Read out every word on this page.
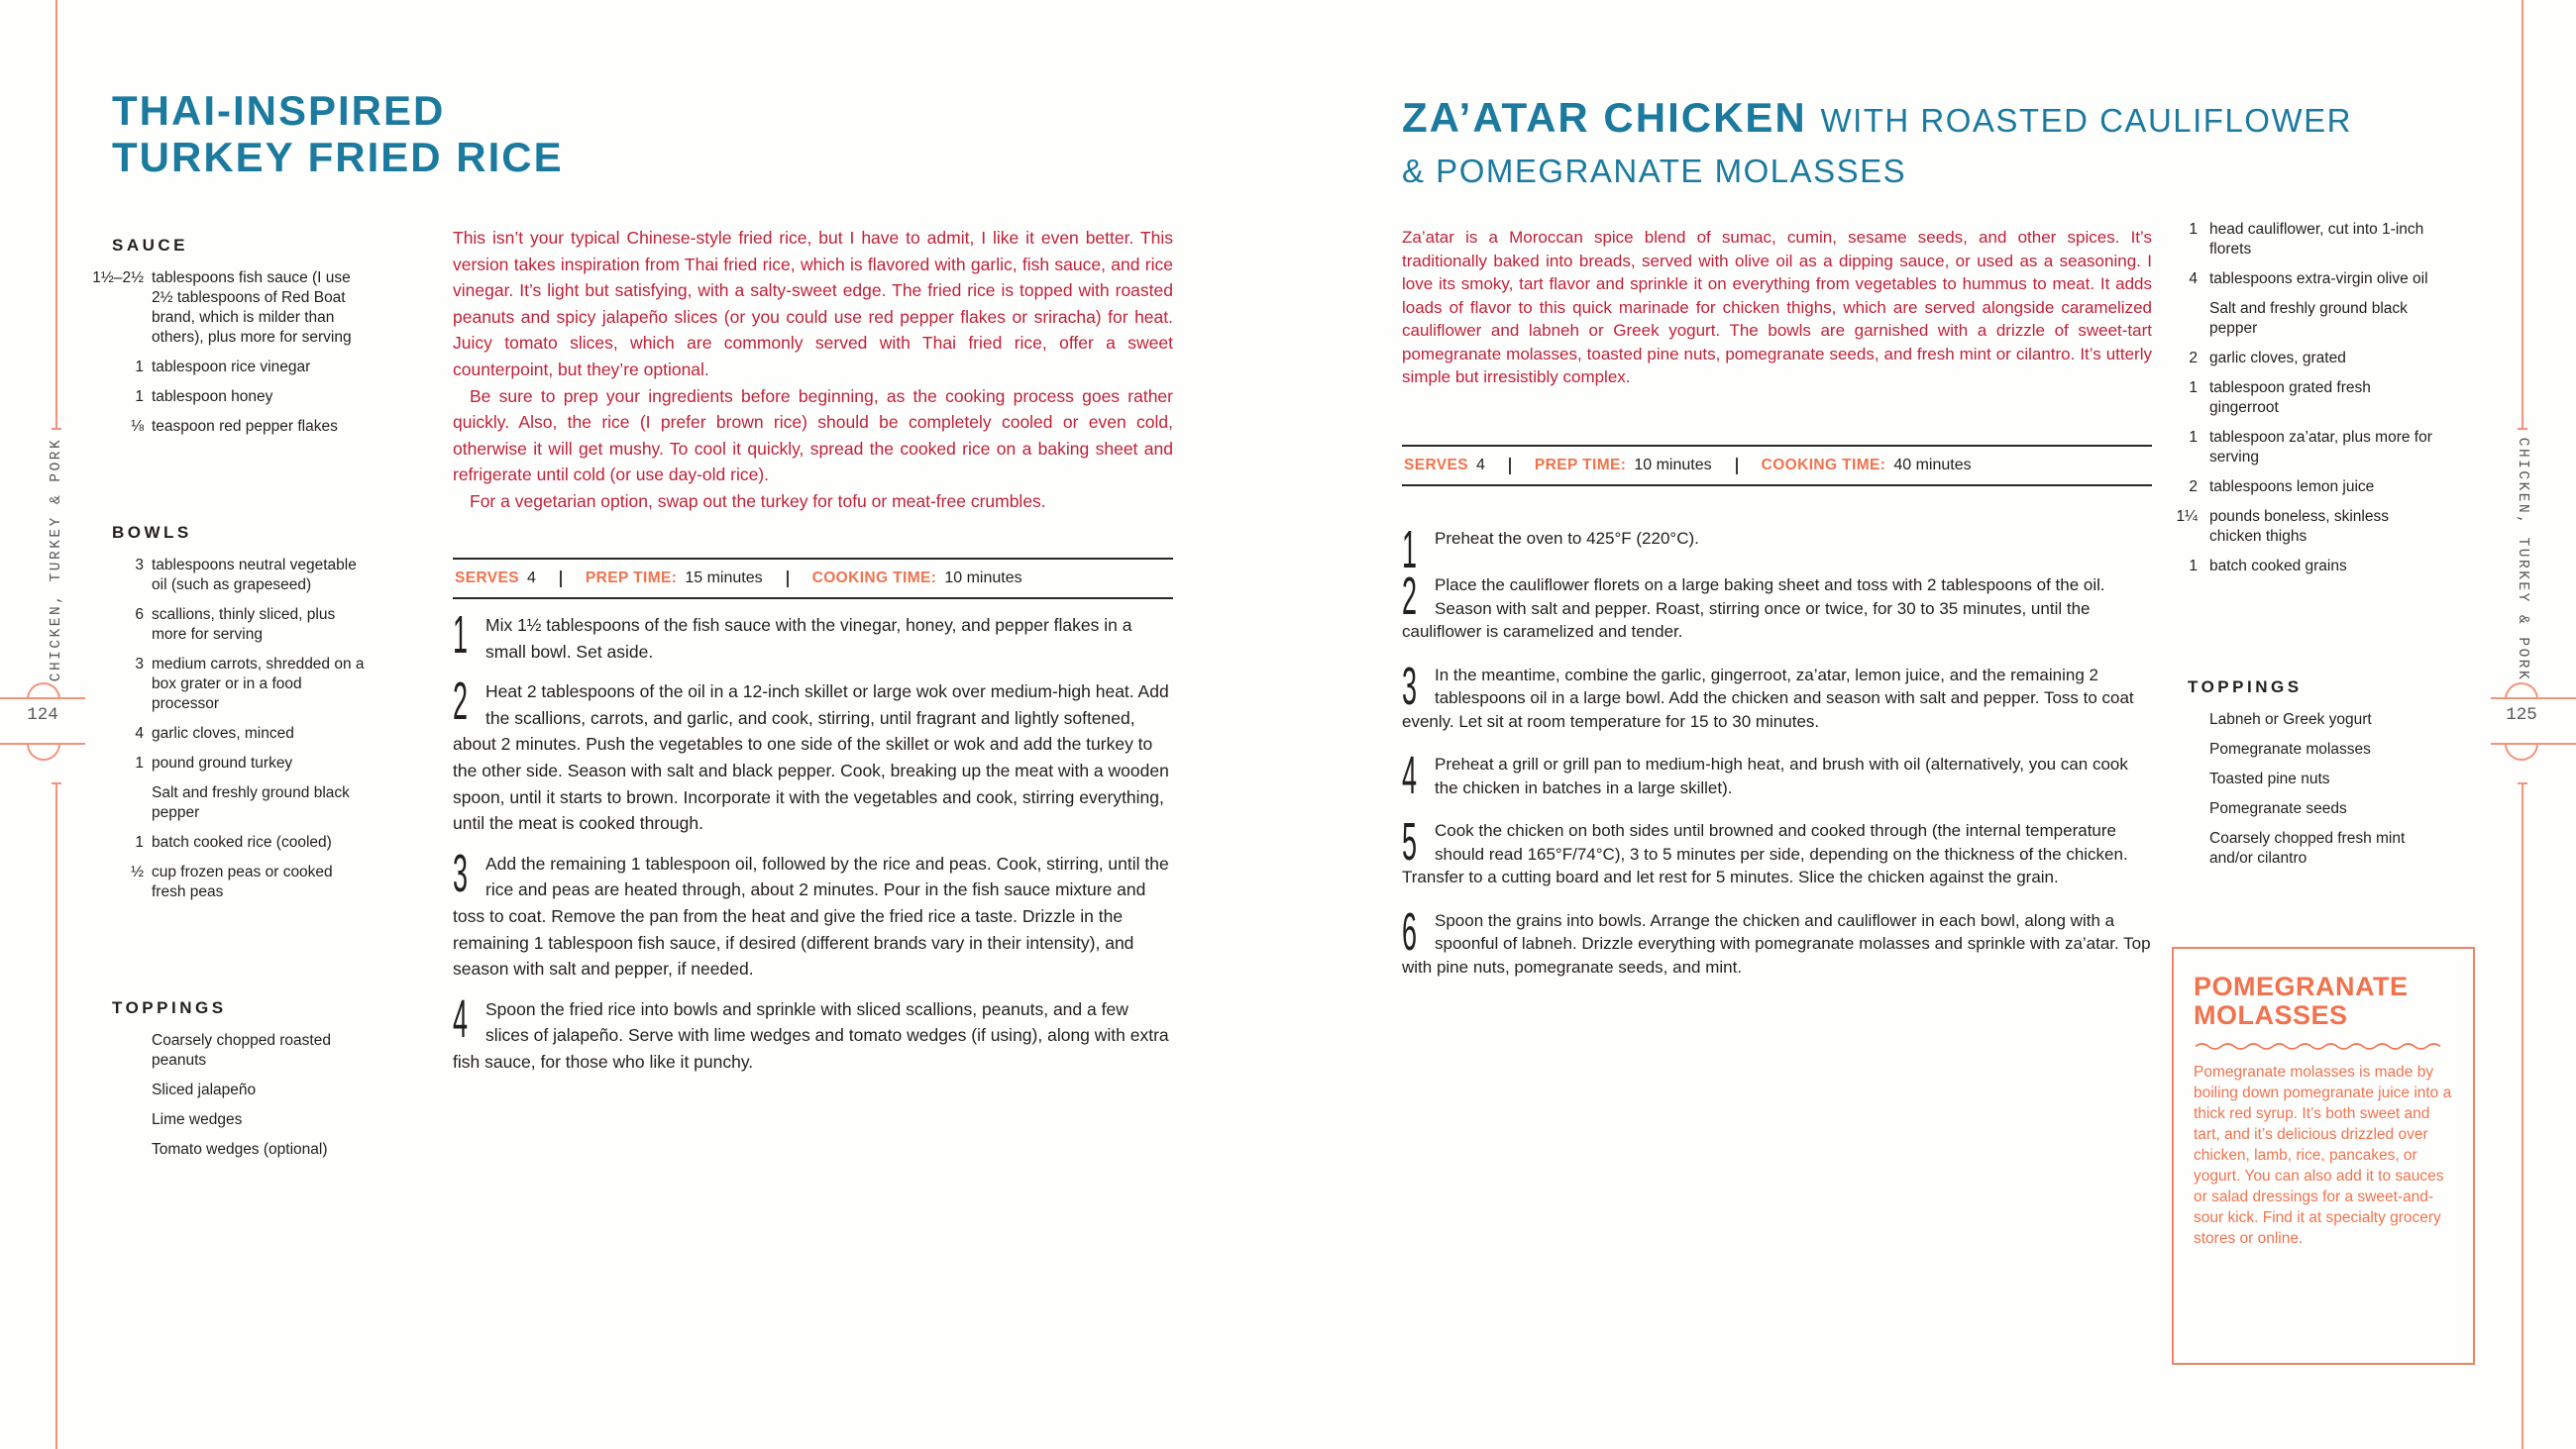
CHICKEN, TURKEY & PORK
124
THAI-INSPIRED
TURKEY FRIED RICE
SAUCE
1½–2½ tablespoons fish sauce (I use 2½ tablespoons of Red Boat brand, which is milder than others), plus more for serving
1 tablespoon rice vinegar
1 tablespoon honey
⅛ teaspoon red pepper flakes
BOWLS
3 tablespoons neutral vegetable oil (such as grapeseed)
6 scallions, thinly sliced, plus more for serving
3 medium carrots, shredded on a box grater or in a food processor
4 garlic cloves, minced
1 pound ground turkey
Salt and freshly ground black pepper
1 batch cooked rice (cooled)
½ cup frozen peas or cooked fresh peas
TOPPINGS
Coarsely chopped roasted peanuts
Sliced jalapeño
Lime wedges
Tomato wedges (optional)

This isn’t your typical Chinese-style fried rice, but I have to admit, I like it even better. This version takes inspiration from Thai fried rice, which is flavored with garlic, fish sauce, and rice vinegar. It’s light but satisfying, with a salty-sweet edge. The fried rice is topped with roasted peanuts and spicy jalapeño slices (or you could use red pepper flakes or sriracha) for heat. Juicy tomato slices, which are commonly served with Thai fried rice, offer a sweet counterpoint, but they’re optional.

Be sure to prep your ingredients before beginning, as the cooking process goes rather quickly. Also, the rice (I prefer brown rice) should be completely cooled or even cold, otherwise it will get mushy. To cool it quickly, spread the cooked rice on a baking sheet and refrigerate until cold (or use day-old rice).

For a vegetarian option, swap out the turkey for tofu or meat-free crumbles.

SERVES 4	PREP TIME: 15 minutes	COOKING TIME: 10 minutes
1 Mix 1½ tablespoons of the fish sauce with the vinegar, honey, and pepper flakes in a small bowl. Set aside.
2 Heat 2 tablespoons of the oil in a 12-inch skillet or large wok over medium-high heat. Add the scallions, carrots, and garlic, and cook, stirring, until fragrant and lightly softened, about 2 minutes. Push the vegetables to one side of the skillet or wok and add the turkey to the other side. Season with salt and black pepper. Cook, breaking up the meat with a wooden spoon, until it starts to brown. Incorporate it with the vegetables and cook, stirring everything, until the meat is cooked through.
3 Add the remaining 1 tablespoon oil, followed by the rice and peas. Cook, stirring, until the rice and peas are heated through, about 2 minutes. Pour in the fish sauce mixture and toss to coat. Remove the pan from the heat and give the fried rice a taste. Drizzle in the remaining 1 tablespoon fish sauce, if desired (different brands vary in their intensity), and season with salt and pepper, if needed.
4 Spoon the fried rice into bowls and sprinkle with sliced scallions, peanuts, and a few slices of jalapeño. Serve with lime wedges and tomato wedges (if using), along with extra fish sauce, for those who like it punchy.
CHICKEN, TURKEY & PORK
125
ZA’ATAR CHICKEN WITH ROASTED CAULIFLOWER
& POMEGRANATE MOLASSES

Za’atar is a Moroccan spice blend of sumac, cumin, sesame seeds, and other spices. It’s traditionally baked into breads, served with olive oil as a dipping sauce, or used as a seasoning. I love its smoky, tart flavor and sprinkle it on everything from vegetables to hummus to meat. It adds loads of flavor to this quick marinade for chicken thighs, which are served alongside caramelized cauliflower and labneh or Greek yogurt. The bowls are garnished with a drizzle of sweet-tart pomegranate molasses, toasted pine nuts, pomegranate seeds, and fresh mint or cilantro. It’s utterly simple but irresistibly complex.

SERVES 4	PREP TIME: 10 minutes	COOKING TIME: 40 minutes
1 Preheat the oven to 425°F (220°C).
2 Place the cauliflower florets on a large baking sheet and toss with 2 tablespoons of the oil. Season with salt and pepper. Roast, stirring once or twice, for 30 to 35 minutes, until the cauliflower is caramelized and tender.
3 In the meantime, combine the garlic, gingerroot, za’atar, lemon juice, and the remaining 2 tablespoons oil in a large bowl. Add the chicken and season with salt and pepper. Toss to coat evenly. Let sit at room temperature for 15 to 30 minutes.
4 Preheat a grill or grill pan to medium-high heat, and brush with oil (alternatively, you can cook the chicken in batches in a large skillet).
5 Cook the chicken on both sides until browned and cooked through (the internal temperature should read 165°F/74°C), 3 to 5 minutes per side, depending on the thickness of the chicken. Transfer to a cutting board and let rest for 5 minutes. Slice the chicken against the grain.
6 Spoon the grains into bowls. Arrange the chicken and cauliflower in each bowl, along with a spoonful of labneh. Drizzle everything with pomegranate molasses and sprinkle with za’atar. Top with pine nuts, pomegranate seeds, and mint.
1 head cauliflower, cut into 1-inch florets
4 tablespoons extra-virgin olive oil
Salt and freshly ground black pepper
2 garlic cloves, grated
1 tablespoon grated fresh gingerroot
1 tablespoon za’atar, plus more for serving
2 tablespoons lemon juice
1¼ pounds boneless, skinless chicken thighs
1 batch cooked grains
TOPPINGS
Labneh or Greek yogurt
Pomegranate molasses
Toasted pine nuts
Pomegranate seeds
Coarsely chopped fresh mint and/or cilantro
POMEGRANATE MOLASSES

Pomegranate molasses is made by boiling down pomegranate juice into a thick red syrup. It’s both sweet and tart, and it’s delicious drizzled over chicken, lamb, rice, pancakes, or yogurt. You can also add it to sauces or salad dressings for a sweet-and-sour kick. Find it at specialty grocery stores or online.
